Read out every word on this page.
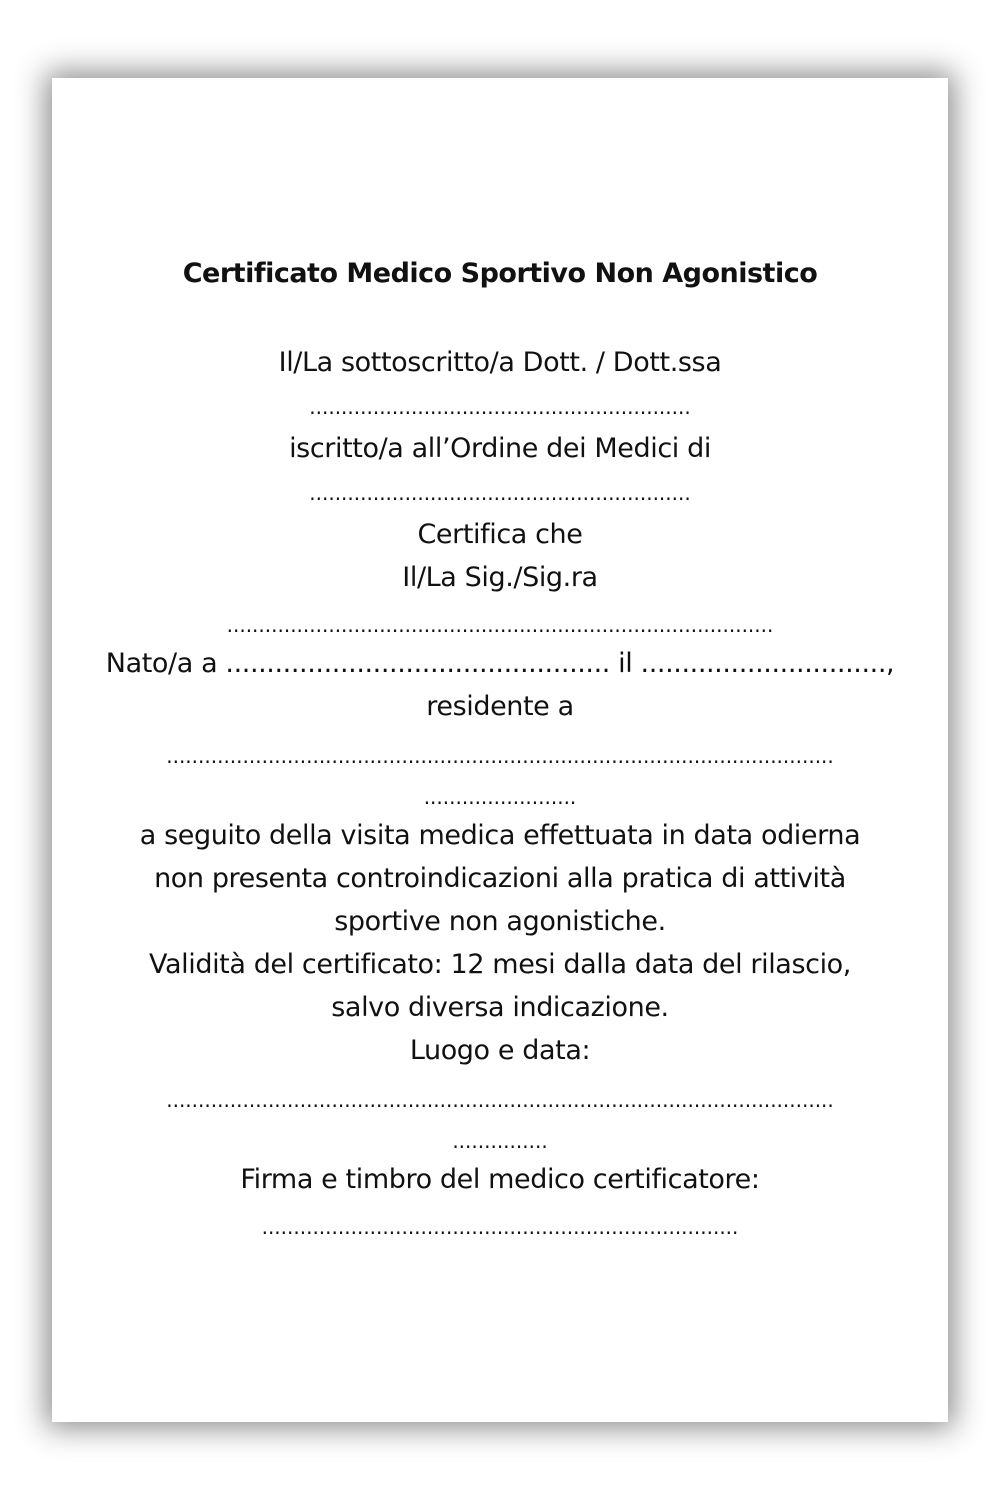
Certificato Medico Sportivo Non Agonistico
Il/La sottoscritto/a Dott. / Dott.ssa
............................................................
iscritto/a all’Ordine dei Medici di
............................................................
Certifica che
Il/La Sig./Sig.ra
......................................................................................
Nato/a a ............................................... il ..............................,
residente a
.........................................................................................................
........................
a seguito della visita medica effettuata in data odierna
non presenta controindicazioni alla pratica di attività
sportive non agonistiche.
Validità del certificato: 12 mesi dalla data del rilascio,
salvo diversa indicazione.
Luogo e data:
.........................................................................................................
...............
Firma e timbro del medico certificatore:
...........................................................................
